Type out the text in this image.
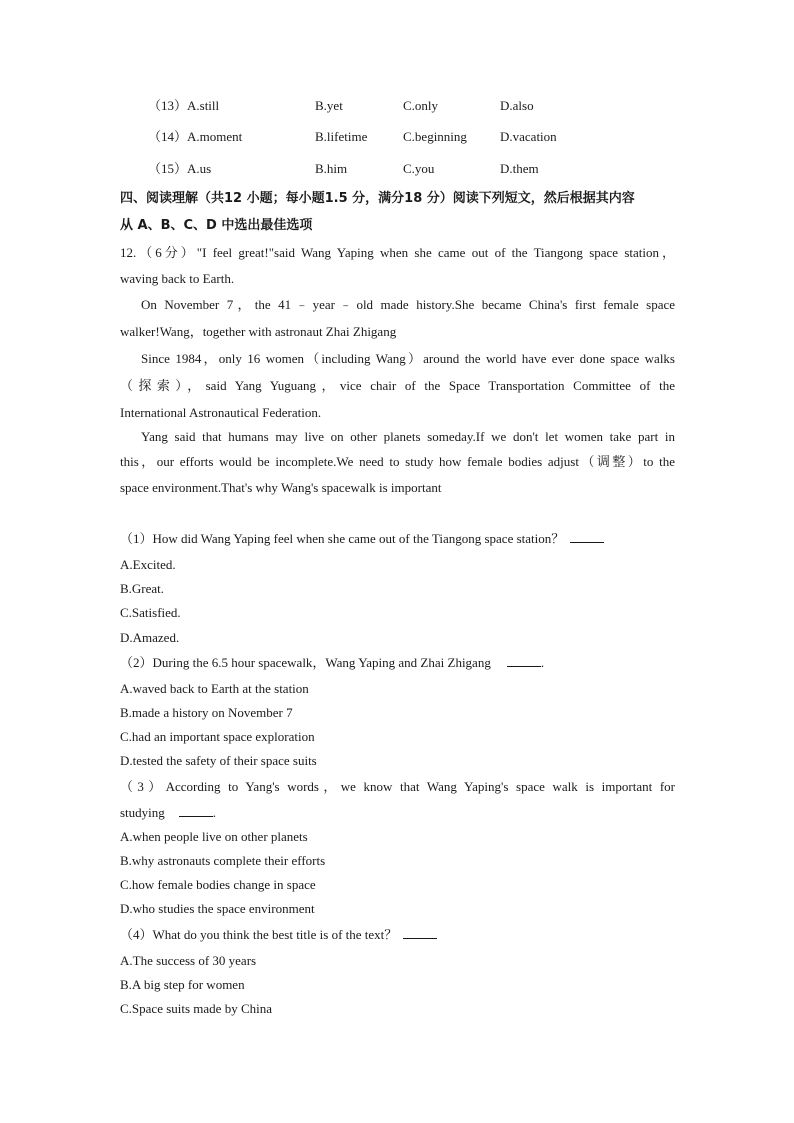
（13）A.still	B.yet	C.only	D.also
（14）A.moment	B.lifetime	C.beginning	D.vacation
（15）A.us	B.him	C.you	D.them
四、阅读理解（共12 小题；每小题1.5 分，满分18 分）阅读下列短文，然后根据其内容
从 A、B、C、D 中选出最佳选项
12.（6分）"I feel great!"said Wang Yaping when she came out of the Tiangong space station，
waving back to Earth.
On November 7，the 41﹣year﹣old made history.She became China's first female space
walker!Wang，together with astronaut Zhai Zhigang
Since 1984，only 16 women（including Wang）around the world have ever done space walks
（探索），said Yang Yuguang，vice chair of the Space Transportation Committee of the
International Astronautical Federation.
Yang said that humans may live on other planets someday.If we don't let women take part in
this，our efforts would be incomplete.We need to study how female bodies adjust（调整）to the
space environment.That's why Wang's spacewalk is important
（1）How did Wang Yaping feel when she came out of the Tiangong space station？
A.Excited.
B.Great.
C.Satisfied.
D.Amazed.
（2）During the 6.5 hour spacewalk，Wang Yaping and Zhai Zhigang	.
A.waved back to Earth at the station
B.made a history on November 7
C.had an important space exploration
D.tested the safety of their space suits
（3）According to Yang's words，we know that Wang Yaping's space walk is important for
studying	.
A.when people live on other planets
B.why astronauts complete their efforts
C.how female bodies change in space
D.who studies the space environment
（4）What do you think the best title is of the text？
A.The success of 30 years
B.A big step for women
C.Space suits made by China
